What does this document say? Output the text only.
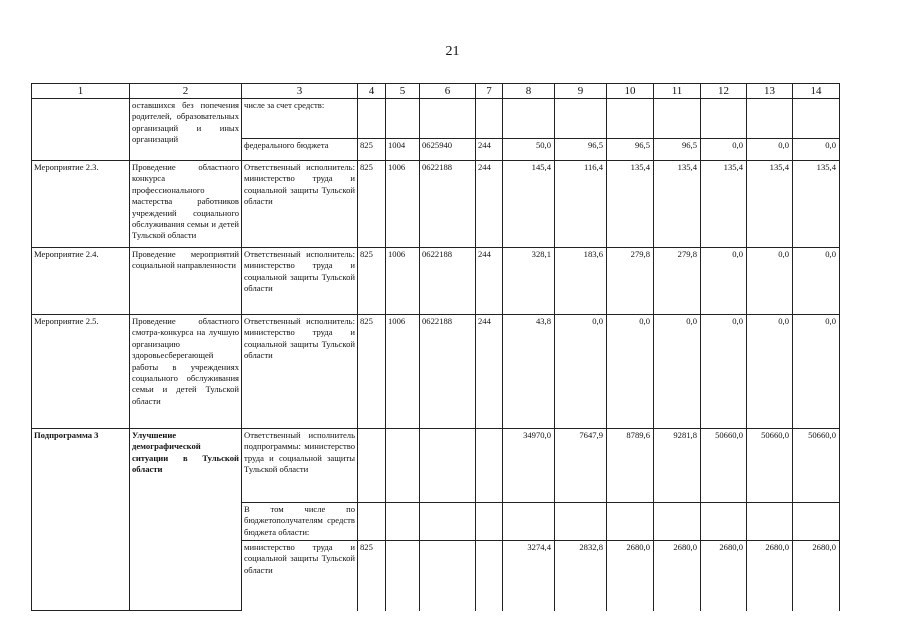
21
1	2	3	4	5	6	7	8	9	10	11	12	13	14
	оставшихся без попечения родителей, образовательных организаций и иных организаций	числе за счет средств:											
		федерального бюджета	825	1004	0625940	244	50,0	96,5	96,5	96,5	0,0	0,0	0,0
Мероприятие 2.3.	Проведение областного конкурса профессионального мастерства работников учреждений социального обслуживания семьи и детей Тульской области	Ответственный исполнитель: министерство труда и социальной защиты Тульской области	825	1006	0622188	244	145,4	116,4	135,4	135,4	135,4	135,4	135,4
Мероприятие 2.4.	Проведение мероприятий социальной направленности	Ответственный исполнитель: министерство труда и социальной защиты Тульской области	825	1006	0622188	244	328,1	183,6	279,8	279,8	0,0	0,0	0,0
Мероприятие 2.5.	Проведение областного смотра-конкурса на лучшую организацию здоровьесберегающей работы в учреждениях социального обслуживания семьи и детей Тульской области	Ответственный исполнитель: министерство труда и социальной защиты Тульской области	825	1006	0622188	244	43,8	0,0	0,0	0,0	0,0	0,0	0,0
Подпрограмма 3	Улучшение демографической ситуации в Тульской области	Ответственный исполнитель подпрограммы: министерство труда и социальной защиты Тульской области					34970,0	7647,9	8789,6	9281,8	50660,0	50660,0	50660,0
		В том числе по бюджетополучателям средств бюджета области:											
		министерство труда и социальной защиты Тульской области	825				3274,4	2832,8	2680,0	2680,0	2680,0	2680,0	2680,0
